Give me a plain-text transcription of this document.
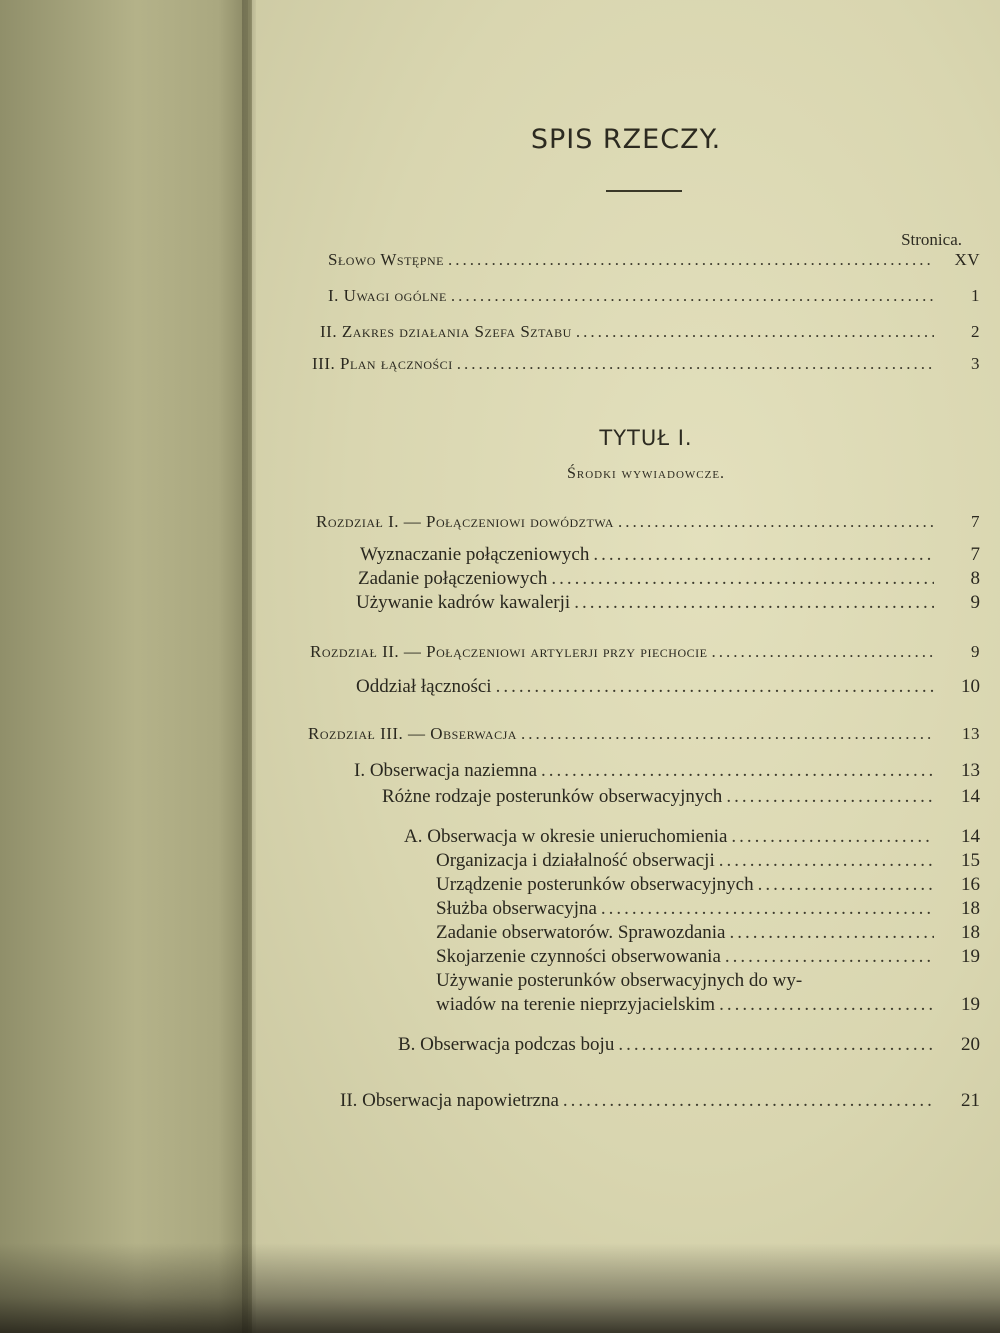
SPIS RZECZY.
Stronica.
Słowo Wstępne .....	XV
I. Uwagi ogólne .....	1
II. Zakres działania Szefa Sztabu .....	2
III. Plan łączności .....	3
TYTUŁ I.
Środki wywiadowcze.
Rozdział I. — Połączeniowi dowództwa .....	7
Wyznaczanie połączeniowych .....	7
Zadanie połączeniowych .....	8
Używanie kadrów kawalerji .....	9
Rozdział II. — Połączeniowi artylerji przy piechocie .....	9
Oddział łączności .....	10
Rozdział III. — Obserwacja .....	13
I. Obserwacja naziemna .....	13
Różne rodzaje posterunków obserwacyjnych .....	14
A. Obserwacja w okresie unieruchomienia .....	14
Organizacja i działalność obserwacji .....	15
Urządzenie posterunków obserwacyjnych .....	16
Służba obserwacyjna .....	18
Zadanie obserwatorów. Sprawozdania .....	18
Skojarzenie czynności obserwowania .....	19
Używanie posterunków obserwacyjnych do wy-
wiadów na terenie nieprzyjacielskim .....	19
B. Obserwacja podczas boju .....	20
II. Obserwacja napowietrzna .....	21
